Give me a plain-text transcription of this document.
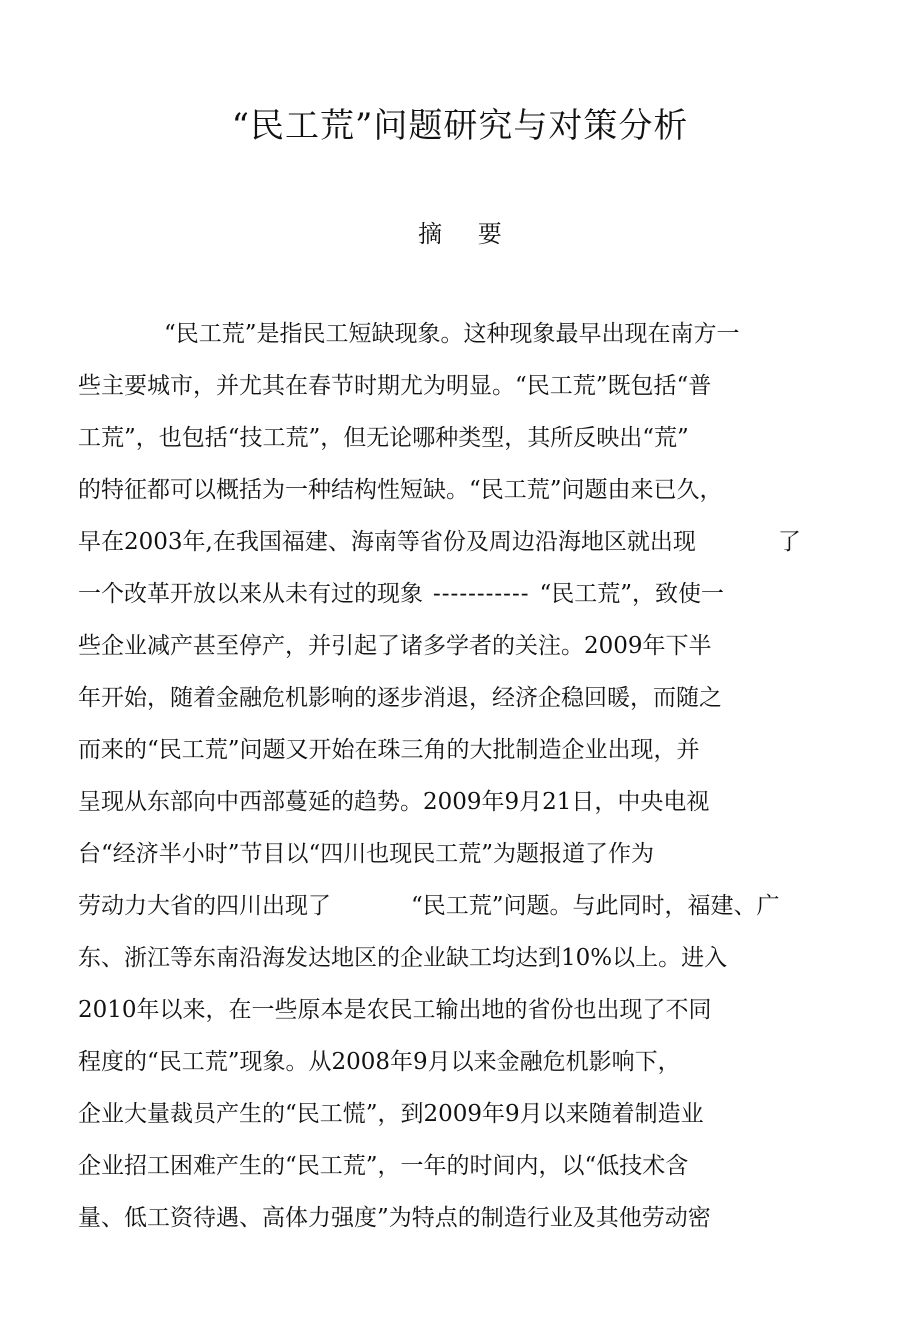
“民工荒”问题研究与对策分析
摘 要
“民工荒”是指民工短缺现象。这种现象最早出现在南方一
些主要城市，并尤其在春节时期尤为明显。“民工荒”既包括“普
工荒”，也包括“技工荒”，但无论哪种类型，其所反映出“荒”
的特征都可以概括为一种结构性短缺。“民工荒”问题由来已久，
早在2003年,在我国福建、海南等省份及周边沿海地区就出现	了
一个改革开放以来从未有过的现象 ----------- “民工荒”，致使一
些企业减产甚至停产，并引起了诸多学者的关注。2009年下半
年开始，随着金融危机影响的逐步消退，经济企稳回暖，而随之
而来的“民工荒”问题又开始在珠三角的大批制造企业出现，并
呈现从东部向中西部蔓延的趋势。2009年9月21日，中央电视
台“经济半小时”节目以“四川也现民工荒”为题报道了作为
劳动力大省的四川出现了	“民工荒”问题。与此同时，福建、广
东、浙江等东南沿海发达地区的企业缺工均达到10%以上。进入
2010年以来，在一些原本是农民工输出地的省份也出现了不同
程度的“民工荒”现象。从2008年9月以来金融危机影响下，
企业大量裁员产生的“民工慌”，到2009年9月以来随着制造业
企业招工困难产生的“民工荒”，一年的时间内，以“低技术含
量、低工资待遇、高体力强度”为特点的制造行业及其他劳动密
